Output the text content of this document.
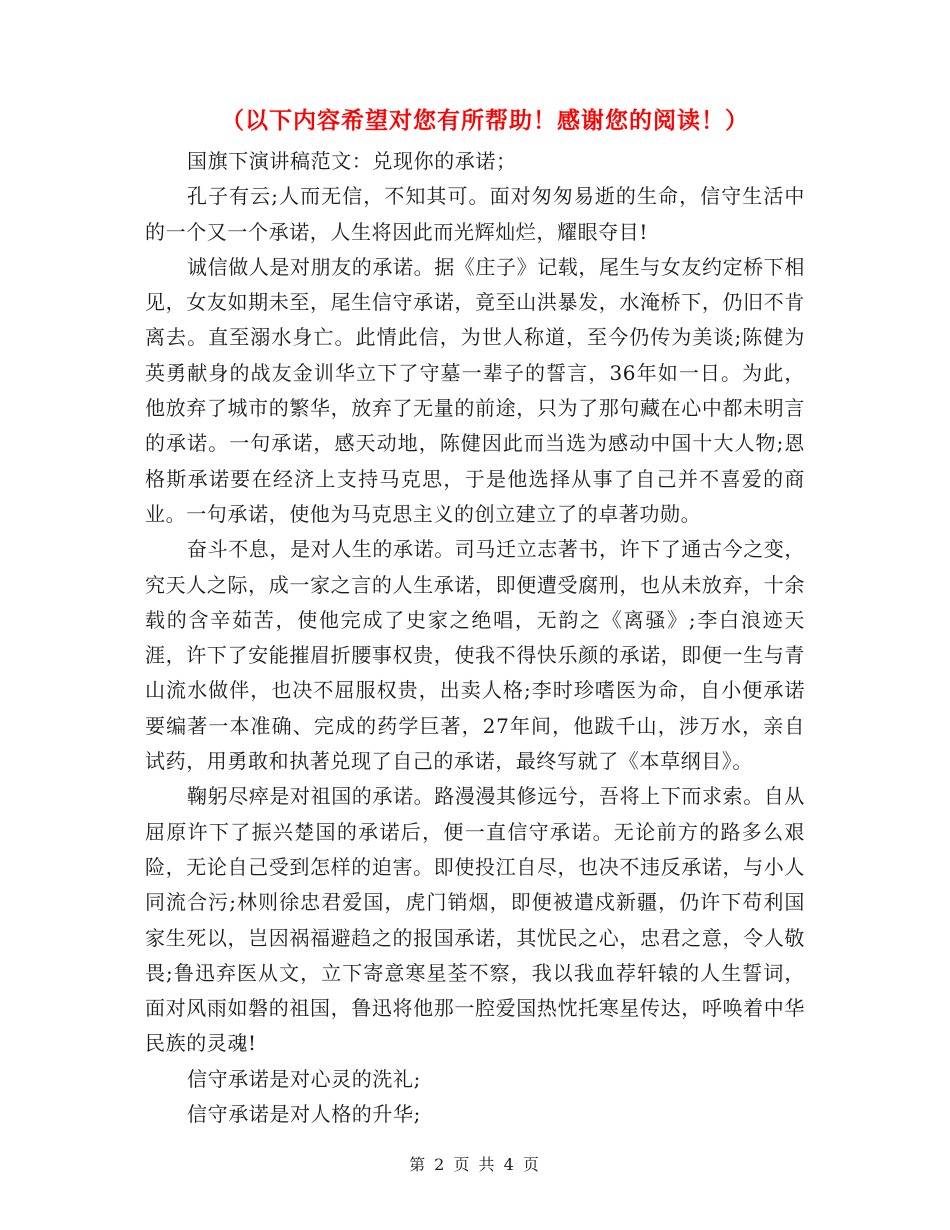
（以下内容希望对您有所帮助！感谢您的阅读！）

国旗下演讲稿范文：兑现你的承诺；

孔子有云;人而无信，不知其可。面对匆匆易逝的生命，信守生活中的一个又一个承诺，人生将因此而光辉灿烂，耀眼夺目!

诚信做人是对朋友的承诺。据《庄子》记载，尾生与女友约定桥下相见，女友如期未至，尾生信守承诺，竟至山洪暴发，水淹桥下，仍旧不肯离去。直至溺水身亡。此情此信，为世人称道，至今仍传为美谈;陈健为英勇献身的战友金训华立下了守墓一辈子的誓言，36年如一日。为此，他放弃了城市的繁华，放弃了无量的前途，只为了那句藏在心中都未明言的承诺。一句承诺，感天动地，陈健因此而当选为感动中国十大人物;恩格斯承诺要在经济上支持马克思，于是他选择从事了自己并不喜爱的商业。一句承诺，使他为马克思主义的创立建立了的卓著功勋。

奋斗不息，是对人生的承诺。司马迁立志著书，许下了通古今之变，究天人之际，成一家之言的人生承诺，即便遭受腐刑，也从未放弃，十余载的含辛茹苦，使他完成了史家之绝唱，无韵之《离骚》;李白浪迹天涯，许下了安能摧眉折腰事权贵，使我不得快乐颜的承诺，即便一生与青山流水做伴，也决不屈服权贵，出卖人格;李时珍嗜医为命，自小便承诺要编著一本准确、完成的药学巨著，27年间，他跋千山，涉万水，亲自试药，用勇敢和执著兑现了自己的承诺，最终写就了《本草纲目》。

鞠躬尽瘁是对祖国的承诺。路漫漫其修远兮，吾将上下而求索。自从屈原许下了振兴楚国的承诺后，便一直信守承诺。无论前方的路多么艰险，无论自己受到怎样的迫害。即使投江自尽，也决不违反承诺，与小人同流合污;林则徐忠君爱国，虎门销烟，即便被遣戍新疆，仍许下苟利国家生死以，岂因祸福避趋之的报国承诺，其忧民之心，忠君之意，令人敬畏;鲁迅弃医从文，立下寄意寒星荃不察，我以我血荐轩辕的人生誓词，面对风雨如磐的祖国，鲁迅将他那一腔爱国热忱托寒星传达，呼唤着中华民族的灵魂!

信守承诺是对心灵的洗礼;

信守承诺是对人格的升华;

第 2 页 共 4 页
